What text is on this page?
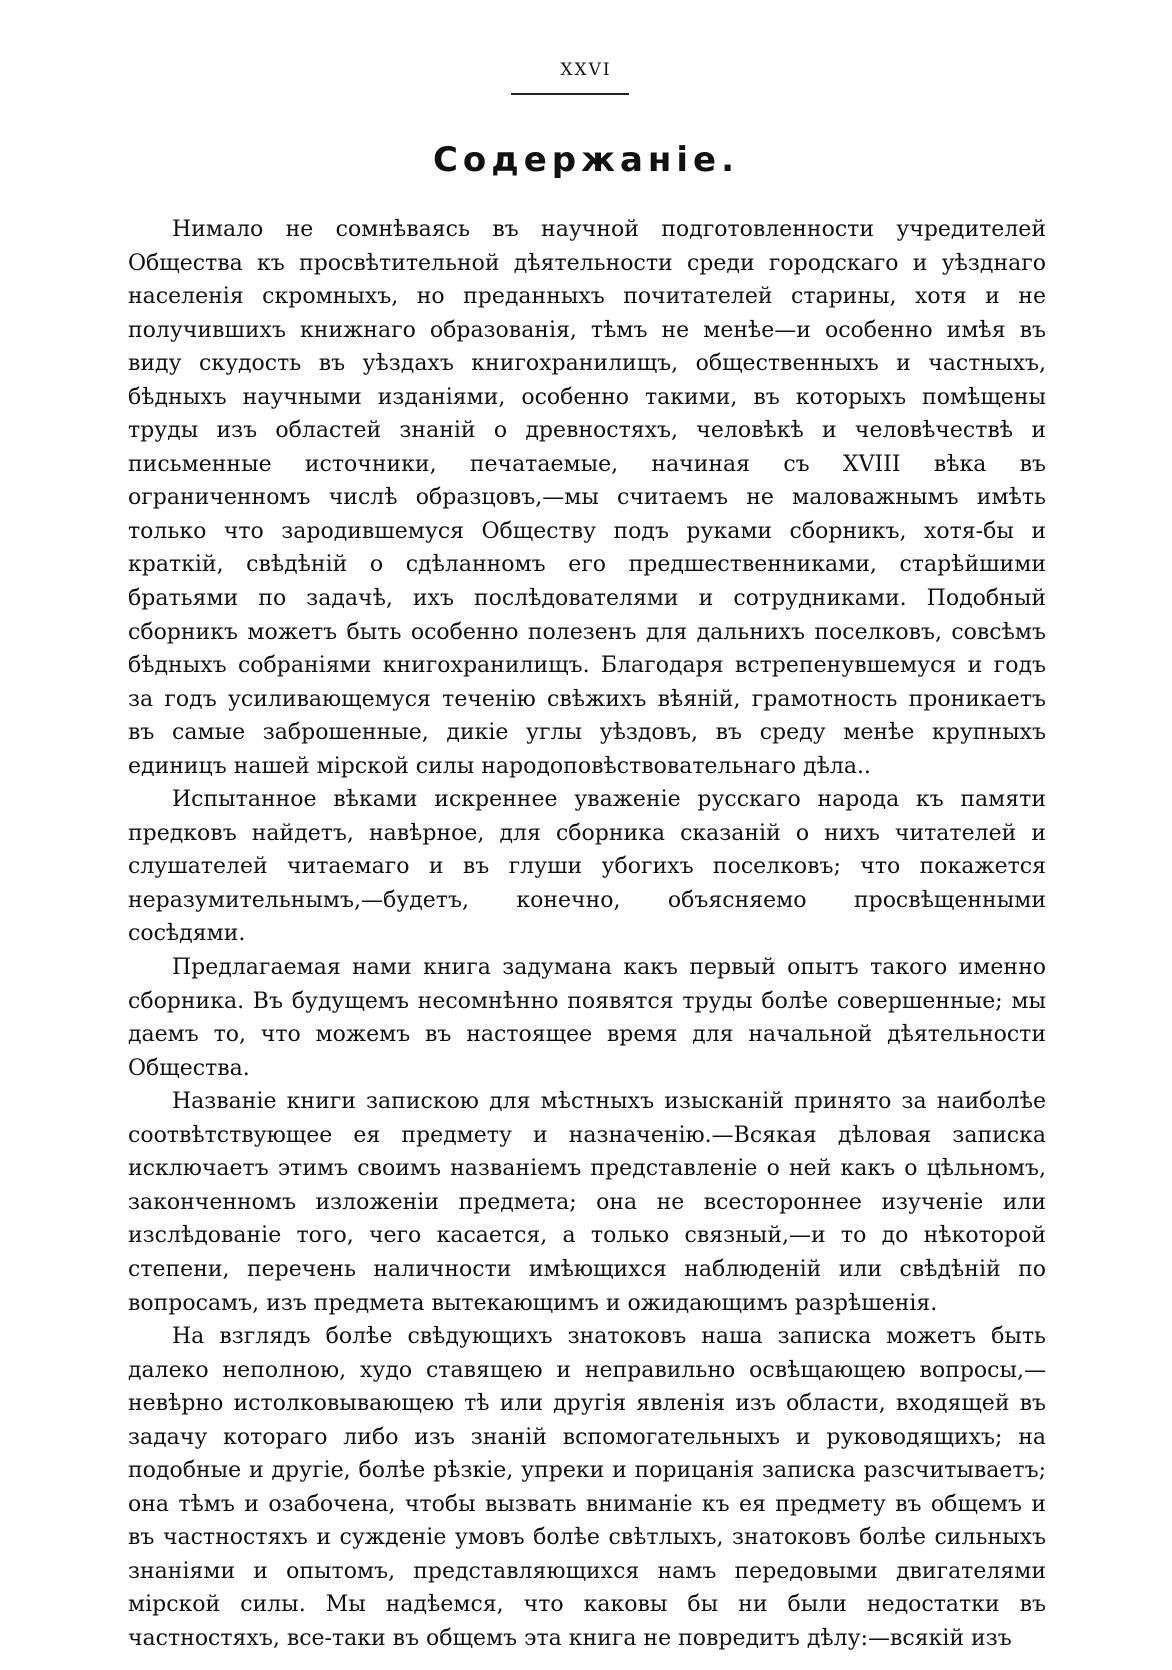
XXVI
Содержаніе.

Нимало не сомнѣваясь въ научной подготовленности учредителей Общества къ просвѣтительной дѣятельности среди городскаго и уѣзднаго населенія скромныхъ, но преданныхъ почитателей старины, хотя и не получившихъ книжнаго образованія, тѣмъ не менѣе—и особенно имѣя въ виду скудость въ уѣздахъ книгохранилищъ, общественныхъ и частныхъ, бѣдныхъ научными изданіями, особенно такими, въ которыхъ помѣщены труды изъ областей знаній о древностяхъ, человѣкѣ и человѣчествѣ и письменные источники, печатаемые, начиная съ XVIII вѣка въ ограниченномъ числѣ образцовъ,—мы считаемъ не маловажнымъ имѣть только что зародившемуся Обществу подъ руками сборникъ, хотя-бы и краткій, свѣдѣній о сдѣланномъ его предшественниками, старѣйшими братьями по задачѣ, ихъ послѣдователями и сотрудниками. Подобный сборникъ можетъ быть особенно полезенъ для дальнихъ поселковъ, совсѣмъ бѣдныхъ собраніями книгохранилищъ. Благодаря встрепенувшемуся и годъ за годъ усиливающемуся теченію свѣжихъ вѣяній, грамотность проникаетъ въ самые заброшенные, дикіе углы уѣздовъ, въ среду менѣе крупныхъ единицъ нашей мірской силы народоповѣствовательнаго дѣла..

Испытанное вѣками искреннее уваженіе русскаго народа къ памяти предковъ найдетъ, навѣрное, для сборника сказаній о нихъ читателей и слушателей читаемаго и въ глуши убогихъ поселковъ; что покажется неразумительнымъ,—будетъ, конечно, объясняемо просвѣщенными сосѣдями.

Предлагаемая нами книга задумана какъ первый опытъ такого именно сборника. Въ будущемъ несомнѣнно появятся труды болѣе совершенные; мы даемъ то, что можемъ въ настоящее время для начальной дѣятельности Общества.

Названіе книги запискою для мѣстныхъ изысканій принято за наиболѣе соотвѣтствующее ея предмету и назначенію.—Всякая дѣловая записка исключаетъ этимъ своимъ названіемъ представленіе о ней какъ о цѣльномъ, законченномъ изложеніи предмета; она не всестороннее изученіе или изслѣдованіе того, чего касается, а только связный,—и то до нѣкоторой степени, перечень наличности имѣющихся наблюденій или свѣдѣній по вопросамъ, изъ предмета вытекающимъ и ожидающимъ разрѣшенія.

На взглядъ болѣе свѣдующихъ знатоковъ наша записка можетъ быть далеко неполною, худо ставящею и неправильно освѣщающею вопросы,—невѣрно истолковывающею тѣ или другія явленія изъ области, входящей въ задачу котораго либо изъ знаній вспомогательныхъ и руководящихъ; на подобные и другіе, болѣе рѣзкіе, упреки и порицанія записка разсчитываетъ; она тѣмъ и озабочена, чтобы вызвать вниманіе къ ея предмету въ общемъ и въ частностяхъ и сужденіе умовъ болѣе свѣтлыхъ, знатоковъ болѣе сильныхъ знаніями и опытомъ, представляющихся намъ передовыми двигателями мірской силы. Мы надѣемся, что каковы бы ни были недостатки въ частностяхъ, все-таки въ общемъ эта книга не повредитъ дѣлу:—всякій изъ
